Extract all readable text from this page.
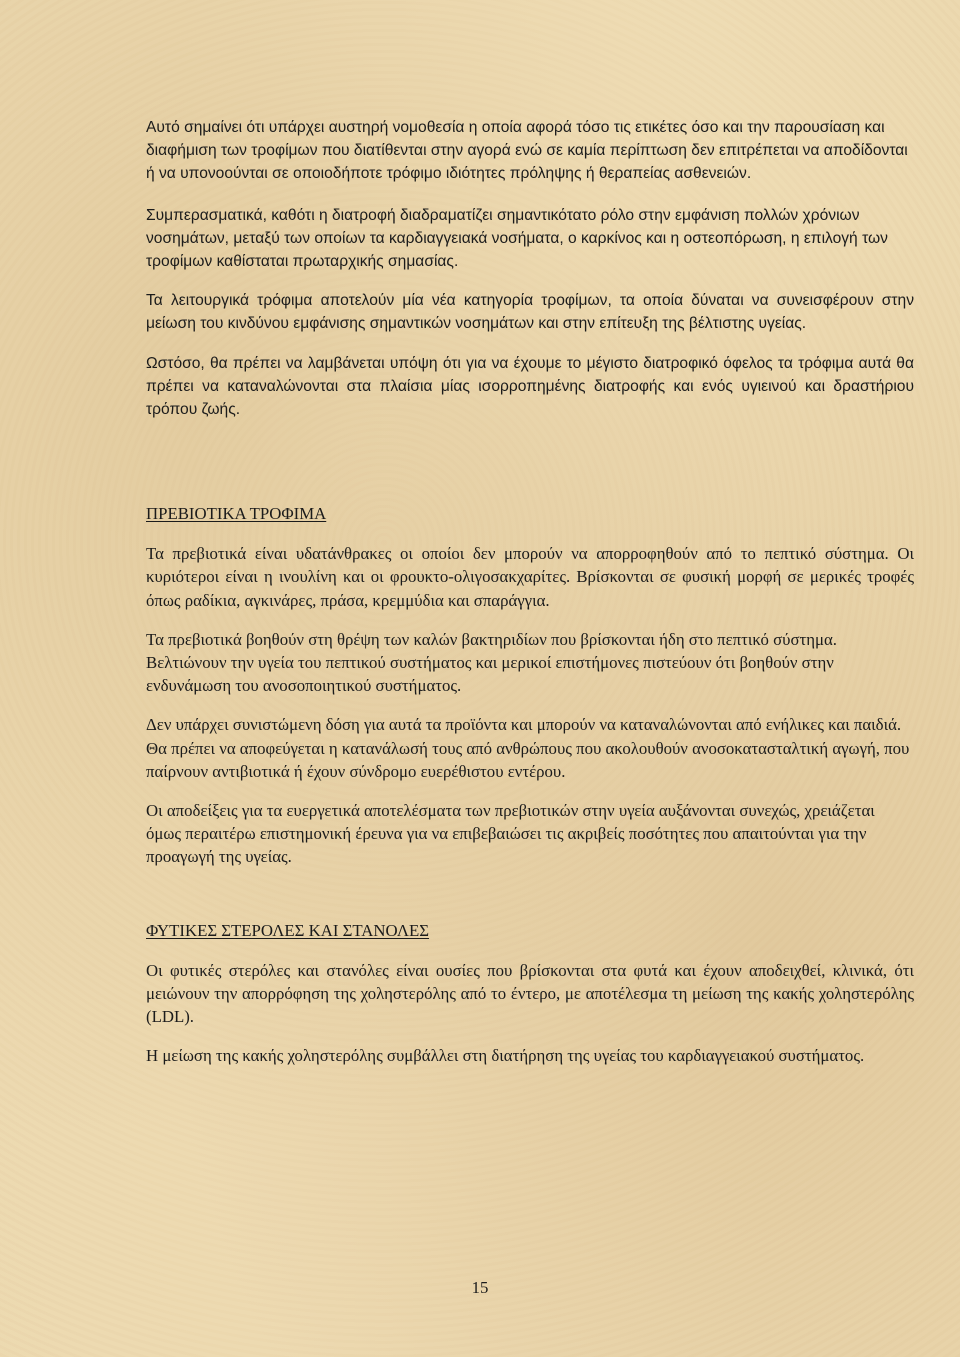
Αυτό σημαίνει ότι υπάρχει αυστηρή νομοθεσία η οποία αφορά τόσο τις ετικέτες όσο και την παρουσίαση και διαφήμιση των τροφίμων που διατίθενται στην αγορά ενώ σε καμία περίπτωση δεν επιτρέπεται να αποδίδονται ή να υπονοούνται σε οποιοδήποτε τρόφιμο ιδιότητες πρόληψης ή θεραπείας ασθενειών.

Συμπερασματικά, καθότι η διατροφή διαδραματίζει σημαντικότατο ρόλο στην εμφάνιση πολλών χρόνιων νοσημάτων, μεταξύ των οποίων τα καρδιαγγειακά νοσήματα, ο καρκίνος και η οστεοπόρωση, η επιλογή των τροφίμων καθίσταται πρωταρχικής σημασίας.

Τα λειτουργικά τρόφιμα αποτελούν μία νέα κατηγορία τροφίμων, τα οποία δύναται να συνεισφέρουν στην μείωση του κινδύνου εμφάνισης σημαντικών νοσημάτων και στην επίτευξη της βέλτιστης υγείας.

Ωστόσο, θα πρέπει να λαμβάνεται υπόψη ότι για να έχουμε το μέγιστο διατροφικό όφελος τα τρόφιμα αυτά θα πρέπει να καταναλώνονται στα πλαίσια μίας ισορροπημένης διατροφής και ενός υγιεινού και δραστήριου τρόπου ζωής.

ΠΡΕΒΙΟΤΙΚΑ ΤΡΟΦΙΜΑ

Τα πρεβιοτικά είναι υδατάνθρακες οι οποίοι δεν μπορούν να απορροφηθούν από το πεπτικό σύστημα. Οι κυριότεροι είναι η ινουλίνη και οι φρουκτο-ολιγοσακχαρίτες. Βρίσκονται σε φυσική μορφή σε μερικές τροφές όπως ραδίκια, αγκινάρες, πράσα, κρεμμύδια και σπαράγγια.

Τα πρεβιοτικά βοηθούν στη θρέψη των καλών βακτηριδίων που βρίσκονται ήδη στο πεπτικό σύστημα. Βελτιώνουν την υγεία του πεπτικού συστήματος και μερικοί επιστήμονες πιστεύουν ότι βοηθούν στην ενδυνάμωση του ανοσοποιητικού συστήματος.

Δεν υπάρχει συνιστώμενη δόση για αυτά τα προϊόντα και μπορούν να καταναλώνονται από ενήλικες και παιδιά. Θα πρέπει να αποφεύγεται η κατανάλωσή τους από ανθρώπους που ακολουθούν ανοσοκατασταλτική αγωγή, που παίρνουν αντιβιοτικά ή έχουν σύνδρομο ευερέθιστου εντέρου.

Οι αποδείξεις για τα ευεργετικά αποτελέσματα των πρεβιοτικών στην υγεία αυξάνονται συνεχώς, χρειάζεται όμως περαιτέρω επιστημονική έρευνα για να επιβεβαιώσει τις ακριβείς ποσότητες που απαιτούνται για την προαγωγή της υγείας.

ΦΥΤΙΚΕΣ ΣΤΕΡΟΛΕΣ ΚΑΙ ΣΤΑΝΟΛΕΣ

Οι φυτικές στερόλες και στανόλες είναι ουσίες που βρίσκονται στα φυτά και έχουν αποδειχθεί, κλινικά, ότι μειώνουν την απορρόφηση της χοληστερόλης από το έντερο, με αποτέλεσμα τη μείωση της κακής χοληστερόλης (LDL).

Η μείωση της κακής χοληστερόλης συμβάλλει στη διατήρηση της υγείας του καρδιαγγειακού συστήματος.

15
